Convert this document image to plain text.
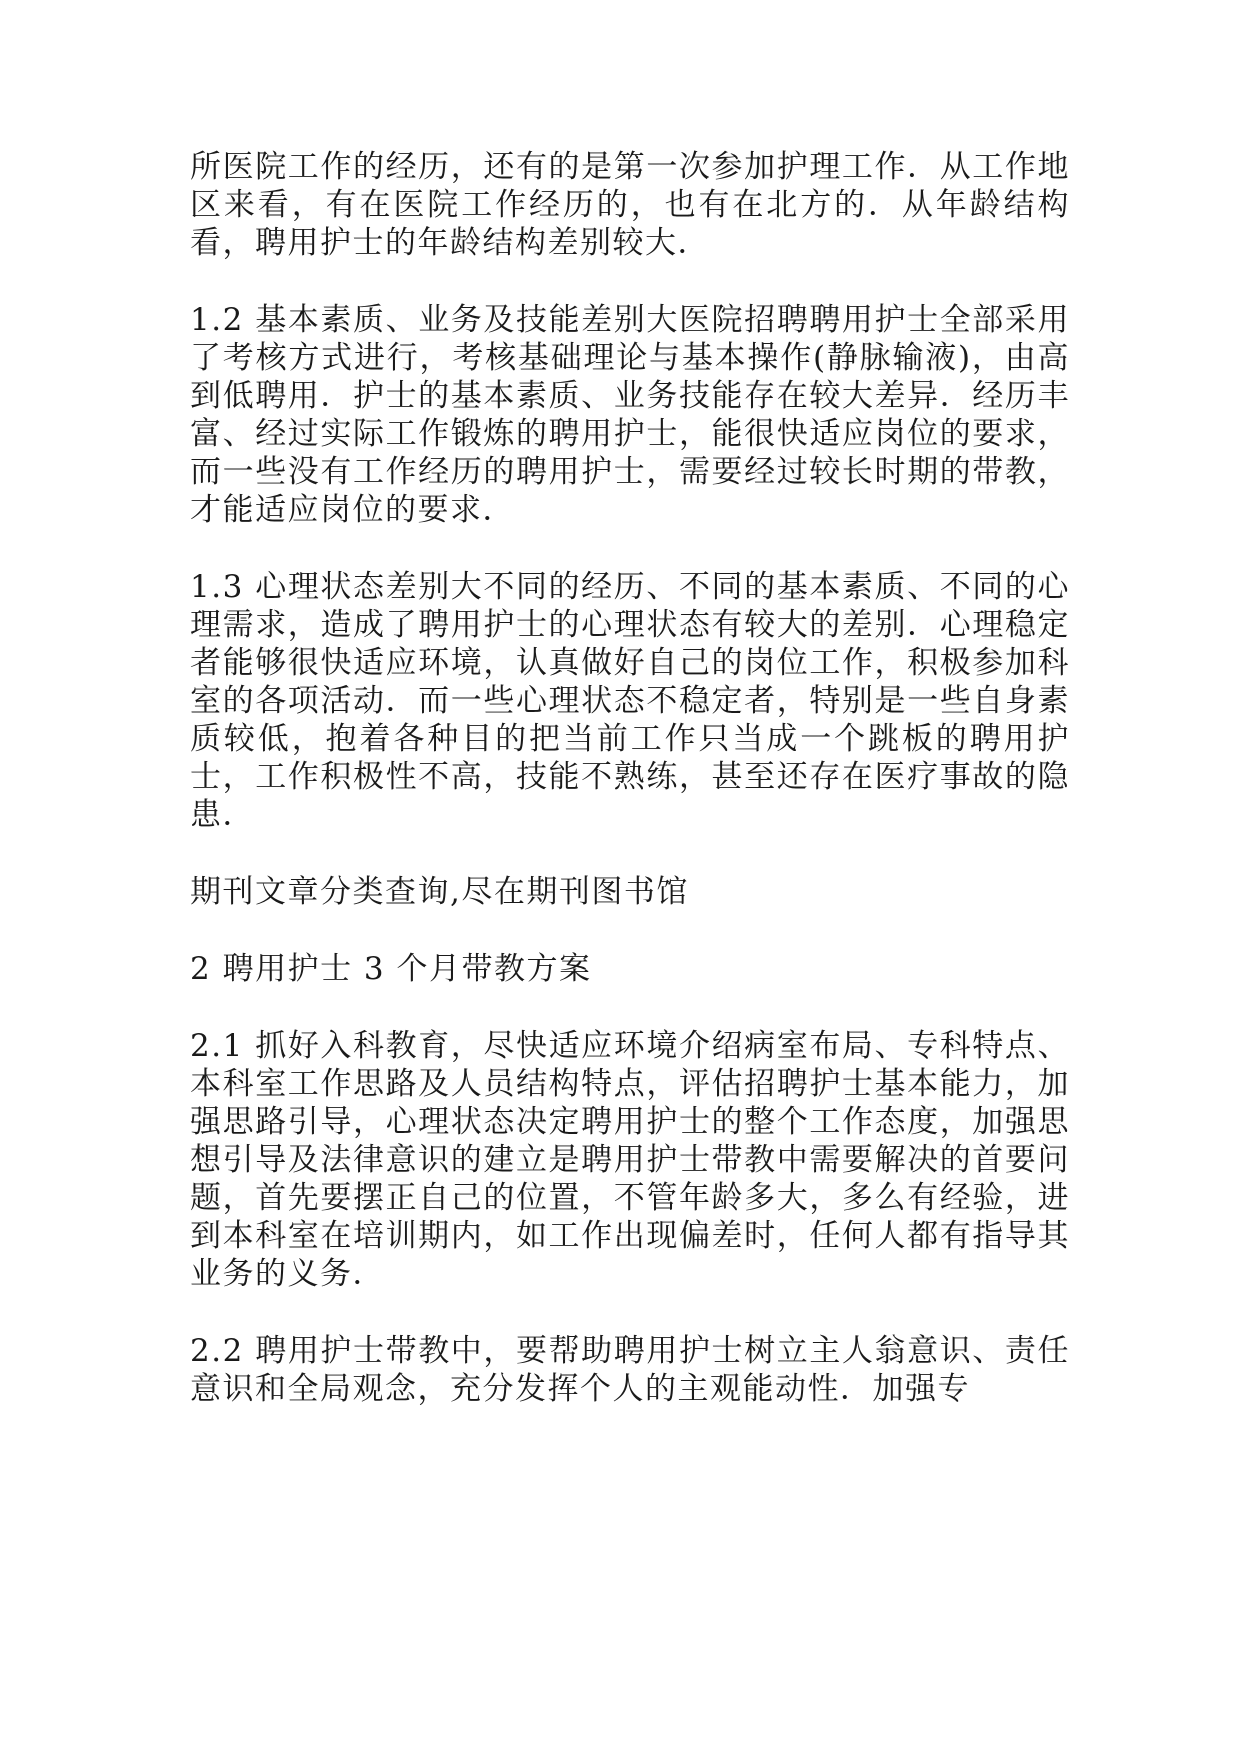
所医院工作的经历，还有的是第一次参加护理工作．从工作地区来看，有在医院工作经历的，也有在北方的．从年龄结构看，聘用护士的年龄结构差别较大．

1.2 基本素质、业务及技能差别大医院招聘聘用护士全部采用了考核方式进行，考核基础理论与基本操作(静脉输液)，由高到低聘用．护士的基本素质、业务技能存在较大差异．经历丰富、经过实际工作锻炼的聘用护士，能很快适应岗位的要求，而一些没有工作经历的聘用护士，需要经过较长时期的带教，才能适应岗位的要求．

1.3 心理状态差别大不同的经历、不同的基本素质、不同的心理需求，造成了聘用护士的心理状态有较大的差别．心理稳定者能够很快适应环境，认真做好自己的岗位工作，积极参加科室的各项活动．而一些心理状态不稳定者，特别是一些自身素质较低，抱着各种目的把当前工作只当成一个跳板的聘用护士，工作积极性不高，技能不熟练，甚至还存在医疗事故的隐患．

期刊文章分类查询,尽在期刊图书馆

2 聘用护士 3 个月带教方案

2.1 抓好入科教育，尽快适应环境介绍病室布局、专科特点、本科室工作思路及人员结构特点，评估招聘护士基本能力，加强思路引导，心理状态决定聘用护士的整个工作态度，加强思想引导及法律意识的建立是聘用护士带教中需要解决的首要问题，首先要摆正自己的位置，不管年龄多大，多么有经验，进到本科室在培训期内，如工作出现偏差时，任何人都有指导其业务的义务．

2.2 聘用护士带教中，要帮助聘用护士树立主人翁意识、责任意识和全局观念，充分发挥个人的主观能动性．加强专
